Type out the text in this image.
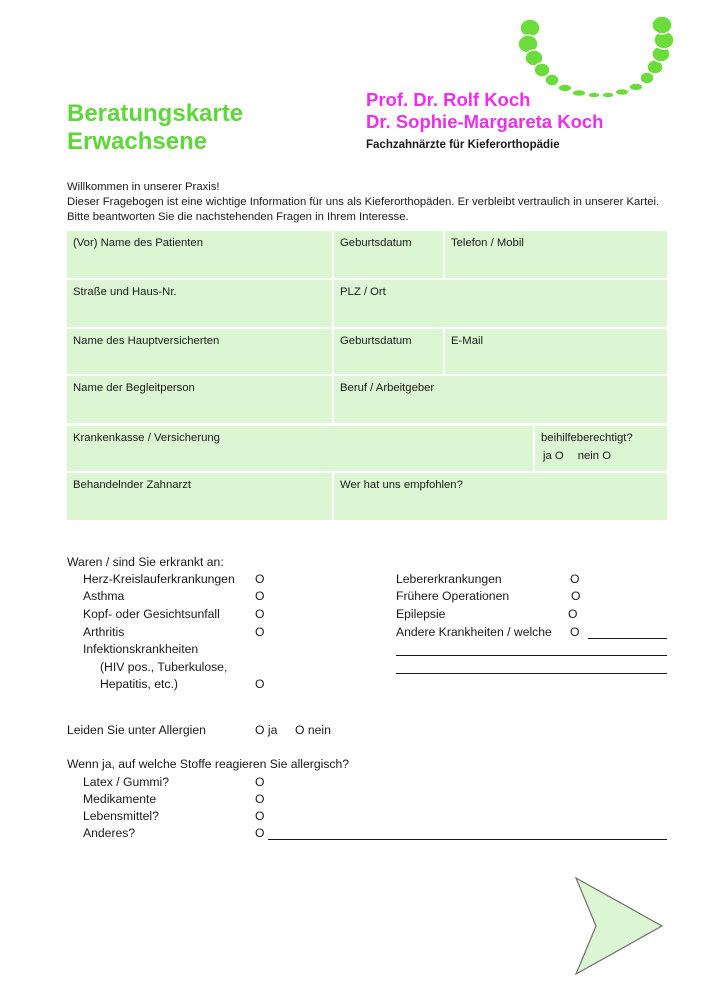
Beratungskarte
Erwachsene
Prof. Dr. Rolf Koch
Dr. Sophie-Margareta Koch
Fachzahnärzte für Kieferorthopädie
Willkommen in unserer Praxis!
Dieser Fragebogen ist eine wichtige Information für uns als Kieferorthopäden. Er verbleibt vertraulich in unserer Kartei. Bitte beantworten Sie die nachstehenden Fragen in Ihrem Interesse.
(Vor) Name des Patienten	Geburtsdatum	Telefon / Mobil
Straße und Haus-Nr.	PLZ / Ort
Name des Hauptversicherten	Geburtsdatum	E-Mail
Name der Begleitperson	Beruf / Arbeitgeber
Krankenkasse / Versicherung	beihilfeberechtigt?
ja O nein O
Behandelnder Zahnarzt	Wer hat uns empfohlen?
Waren / sind Sie erkrankt an:
Herz-Kreislauferkrankungen O
Asthma	O
Kopf- oder Gesichtsunfall	O
Arthritis	O
Infektionskrankheiten
(HIV pos., Tuberkulose,
Hepatitis, etc.)	O
Lebererkrankungen	O
Frühere Operationen	O
Epilepsie	O
Andere Krankheiten / welche O
Leiden Sie unter Allergien	O ja O nein
Wenn ja, auf welche Stoffe reagieren Sie allergisch?
Latex / Gummi?	O
Medikamente	O
Lebensmittel?	O
Anderes?	O
